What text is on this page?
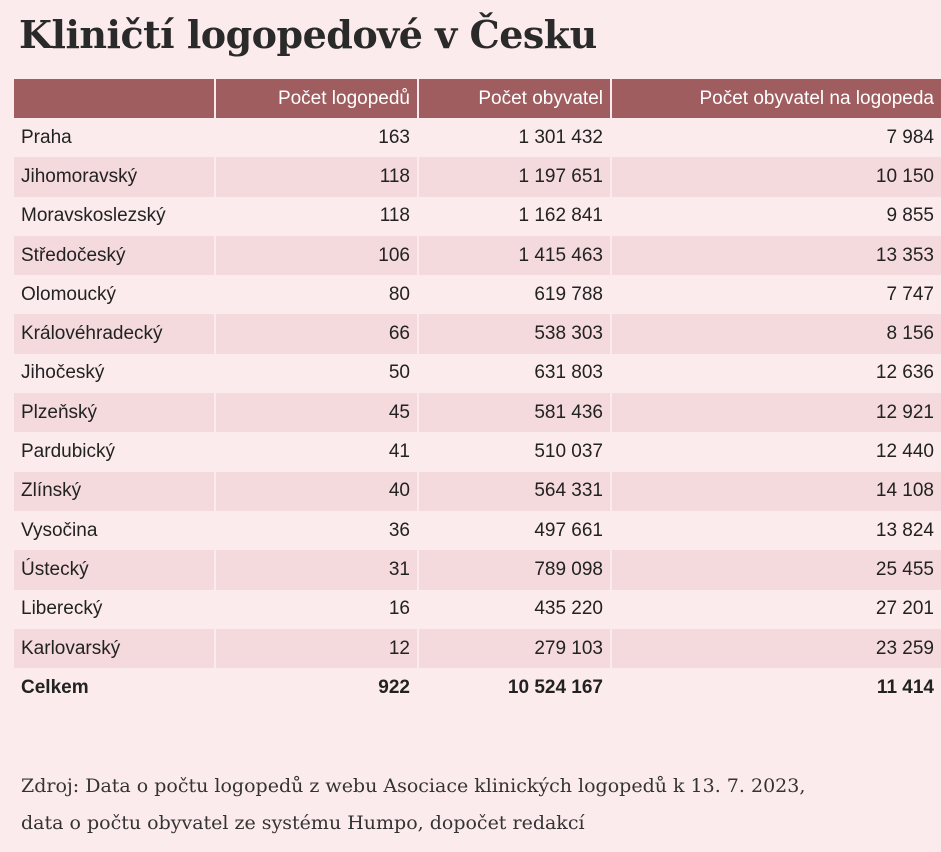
Kliničtí logopedové v Česku
	Počet logopedů	Počet obyvatel	Počet obyvatel na logopeda
Praha	163	1 301 432	7 984
Jihomoravský	118	1 197 651	10 150
Moravskoslezský	118	1 162 841	9 855
Středočeský	106	1 415 463	13 353
Olomoucký	80	619 788	7 747
Královéhradecký	66	538 303	8 156
Jihočeský	50	631 803	12 636
Plzeňský	45	581 436	12 921
Pardubický	41	510 037	12 440
Zlínský	40	564 331	14 108
Vysočina	36	497 661	13 824
Ústecký	31	789 098	25 455
Liberecký	16	435 220	27 201
Karlovarský	12	279 103	23 259
Celkem	922	10 524 167	11 414
Zdroj: Data o počtu logopedů z webu Asociace klinických logopedů k 13. 7. 2023,
data o počtu obyvatel ze systému Humpo, dopočet redakcí
